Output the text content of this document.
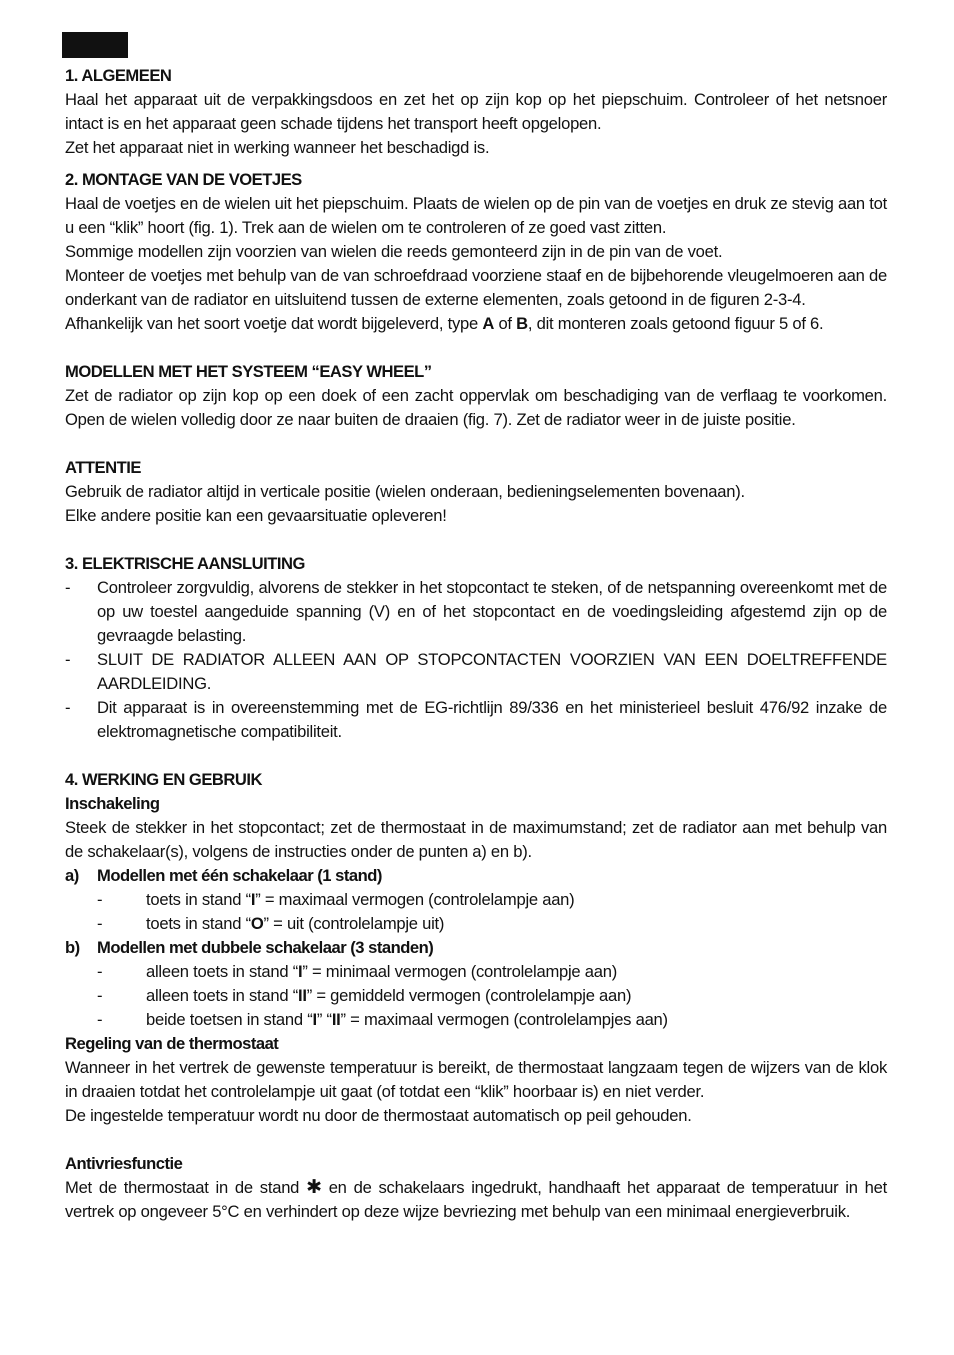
1. ALGEMEEN

Haal het apparaat uit de verpakkingsdoos en zet het op zijn kop op het piepschuim. Controleer of het netsnoer intact is en het apparaat geen schade tijdens het transport heeft opgelopen.

Zet het apparaat niet in werking wanneer het beschadigd is.

2. MONTAGE VAN DE VOETJES

Haal de voetjes en de wielen uit het piepschuim. Plaats de wielen op de pin van de voetjes en druk ze stevig aan tot u een “klik” hoort (fig. 1). Trek aan de wielen om te controleren of ze goed vast zitten.

Sommige modellen zijn voorzien van wielen die reeds gemonteerd zijn in de pin van de voet.

Monteer de voetjes met behulp van de van schroefdraad voorziene staaf en de bijbehorende vleugelmoeren aan de onderkant van de radiator en uitsluitend tussen de externe elementen, zoals getoond in de figuren 2-3-4.

Afhankelijk van het soort voetje dat wordt bijgeleverd, type A of B, dit monteren zoals getoond figuur 5 of 6.

MODELLEN MET HET SYSTEEM “EASY WHEEL”

Zet de radiator op zijn kop op een doek of een zacht oppervlak om beschadiging van de verflaag te voorkomen. Open de wielen volledig door ze naar buiten de draaien (fig. 7). Zet de radiator weer in de juiste positie.

ATTENTIE

Gebruik de radiator altijd in verticale positie (wielen onderaan, bedieningselementen bovenaan).

Elke andere positie kan een gevaarsituatie opleveren!

3. ELEKTRISCHE AANSLUITING

-	Controleer zorgvuldig, alvorens de stekker in het stopcontact te steken, of de netspanning overeenkomt met de op uw toestel aangeduide spanning (V) en of het stopcontact en de voedingsleiding afgestemd zijn op de gevraagde belasting.
-	SLUIT DE RADIATOR ALLEEN AAN OP STOPCONTACTEN VOORZIEN VAN EEN DOELTREFFENDE AARDLEIDING.
-	Dit apparaat is in overeenstemming met de EG-richtlijn 89/336 en het ministerieel besluit 476/92 inzake de elektromagnetische compatibiliteit.

4. WERKING EN GEBRUIK

Inschakeling

Steek de stekker in het stopcontact; zet de thermostaat in de maximumstand; zet de radiator aan met behulp van de schakelaar(s), volgens de instructies onder de punten a) en b).

a)	Modellen met één schakelaar (1 stand)
-	toets in stand “I” = maximaal vermogen (controlelampje aan)
-	toets in stand “O” = uit (controlelampje uit)
b)	Modellen met dubbele schakelaar (3 standen)
-	alleen toets in stand “I” = minimaal vermogen (controlelampje aan)
-	alleen toets in stand “II” = gemiddeld vermogen (controlelampje aan)
-	beide toetsen in stand “I” “II” = maximaal vermogen (controlelampjes aan)

Regeling van de thermostaat

Wanneer in het vertrek de gewenste temperatuur is bereikt, de thermostaat langzaam tegen de wijzers van de klok in draaien totdat het controlelampje uit gaat (of totdat een “klik” hoorbaar is) en niet verder.

De ingestelde temperatuur wordt nu door de thermostaat automatisch op peil gehouden.

Antivriesfunctie

Met de thermostaat in de stand ✱ en de schakelaars ingedrukt, handhaaft het apparaat de temperatuur in het vertrek op ongeveer 5°C en verhindert op deze wijze bevriezing met behulp van een minimaal energieverbruik.
